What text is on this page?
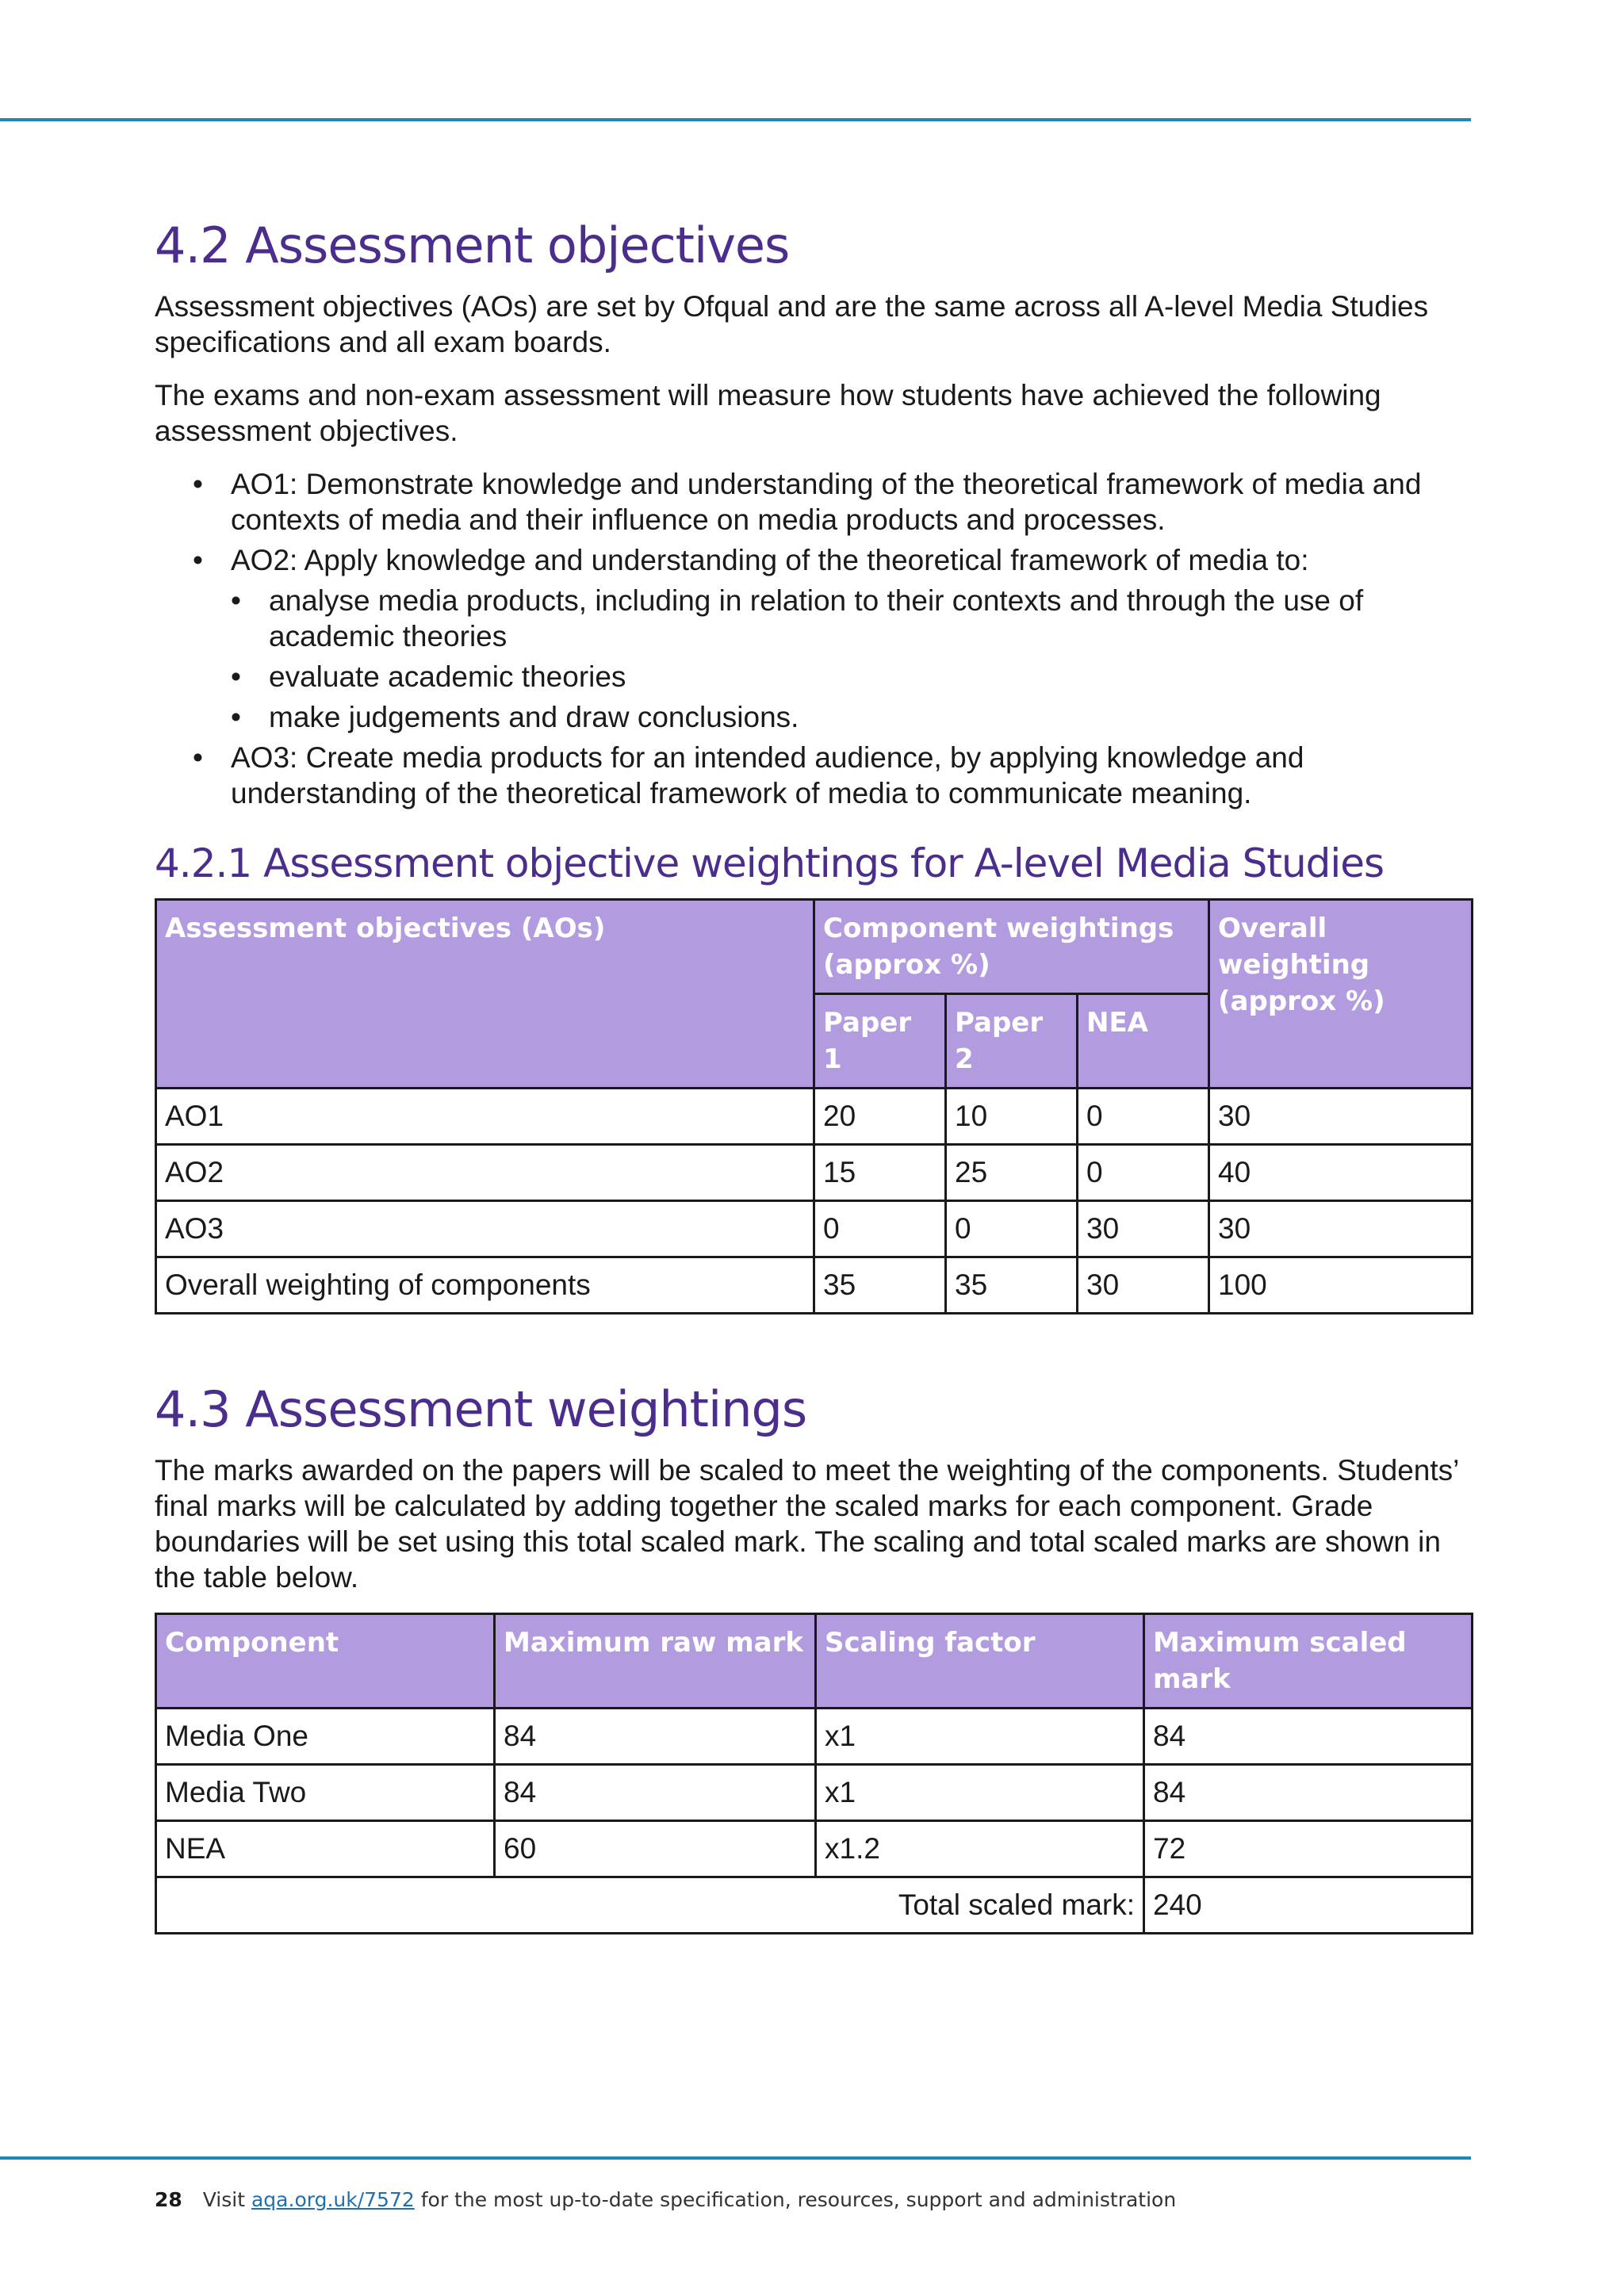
4.2 Assessment objectives

Assessment objectives (AOs) are set by Ofqual and are the same across all A-level Media Studies specifications and all exam boards.

The exams and non-exam assessment will measure how students have achieved the following assessment objectives.

• AO1: Demonstrate knowledge and understanding of the theoretical framework of media and contexts of media and their influence on media products and processes.
• AO2: Apply knowledge and understanding of the theoretical framework of media to:
• analyse media products, including in relation to their contexts and through the use of academic theories
• evaluate academic theories
• make judgements and draw conclusions.
• AO3: Create media products for an intended audience, by applying knowledge and understanding of the theoretical framework of media to communicate meaning.
4.2.1 Assessment objective weightings for A-level Media Studies
Assessment objectives (AOs)	Component weightings (approx %)			Overall weighting (approx %)
	Paper 1	Paper 2	NEA	
AO1	20	10	0	30
AO2	15	25	0	40
AO3	0	0	30	30
Overall weighting of components	35	35	30	100
4.3 Assessment weightings

The marks awarded on the papers will be scaled to meet the weighting of the components. Students’ final marks will be calculated by adding together the scaled marks for each component. Grade boundaries will be set using this total scaled mark. The scaling and total scaled marks are shown in the table below.

Component	Maximum raw mark	Scaling factor	Maximum scaled mark
Media One	84	x1	84
Media Two	84	x1	84
NEA	60	x1.2	72
Total scaled mark:			240
28 Visit aqa.org.uk/7572 for the most up-to-date specification, resources, support and administration
